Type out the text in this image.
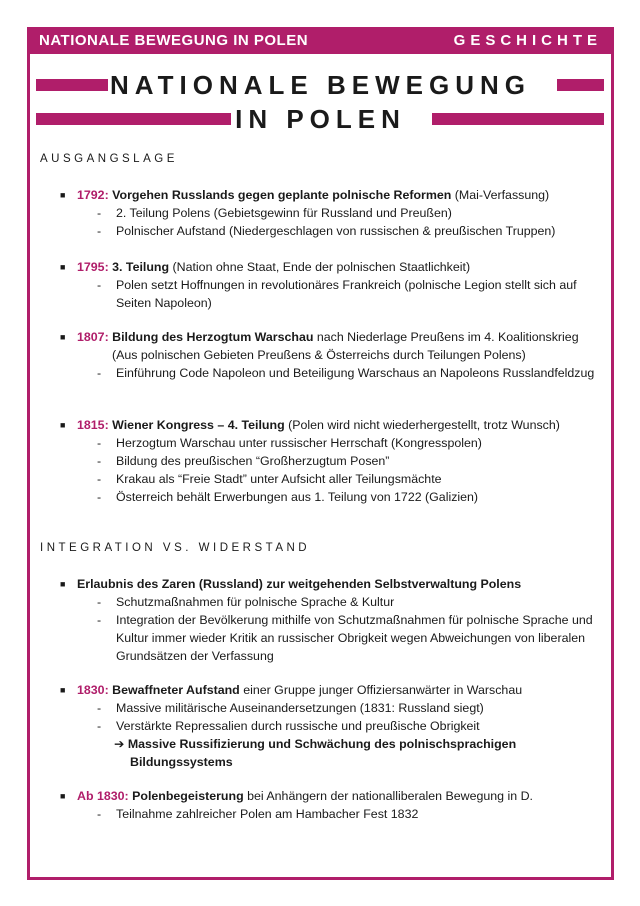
NATIONALE BEWEGUNG IN POLEN	GESCHICHTE
NATIONALE BEWEGUNG
IN POLEN
AUSGANGSLAGE
■ 1792: Vorgehen Russlands gegen geplante polnische Reformen (Mai-Verfassung)
- 2. Teilung Polens (Gebietsgewinn für Russland und Preußen)
- Polnischer Aufstand (Niedergeschlagen von russischen & preußischen Truppen)
■ 1795: 3. Teilung (Nation ohne Staat, Ende der polnischen Staatlichkeit)
- Polen setzt Hoffnungen in revolutionäres Frankreich (polnische Legion stellt sich auf Seiten Napoleon)
■ 1807: Bildung des Herzogtum Warschau nach Niederlage Preußens im 4. Koalitionskrieg
(Aus polnischen Gebieten Preußens & Österreichs durch Teilungen Polens)
- Einführung Code Napoleon und Beteiligung Warschaus an Napoleons Russlandfeldzug
■ 1815: Wiener Kongress – 4. Teilung (Polen wird nicht wiederhergestellt, trotz Wunsch)
- Herzogtum Warschau unter russischer Herrschaft (Kongresspolen)
- Bildung des preußischen “Großherzugtum Posen”
- Krakau als “Freie Stadt” unter Aufsicht aller Teilungsmächte
- Österreich behält Erwerbungen aus 1. Teilung von 1722 (Galizien)
INTEGRATION VS. WIDERSTAND
■ Erlaubnis des Zaren (Russland) zur weitgehenden Selbstverwaltung Polens
- Schutzmaßnahmen für polnische Sprache & Kultur
- Integration der Bevölkerung mithilfe von Schutzmaßnahmen für polnische Sprache und Kultur immer wieder Kritik an russischer Obrigkeit wegen Abweichungen von liberalen Grundsätzen der Verfassung
■ 1830: Bewaffneter Aufstand einer Gruppe junger Offiziersanwärter in Warschau
- Massive militärische Auseinandersetzungen (1831: Russland siegt)
- Verstärkte Repressalien durch russische und preußische Obrigkeit
➔ Massive Russifizierung und Schwächung des polnischsprachigen
Bildungssystems
■ Ab 1830: Polenbegeisterung bei Anhängern der nationalliberalen Bewegung in D.
- Teilnahme zahlreicher Polen am Hambacher Fest 1832
